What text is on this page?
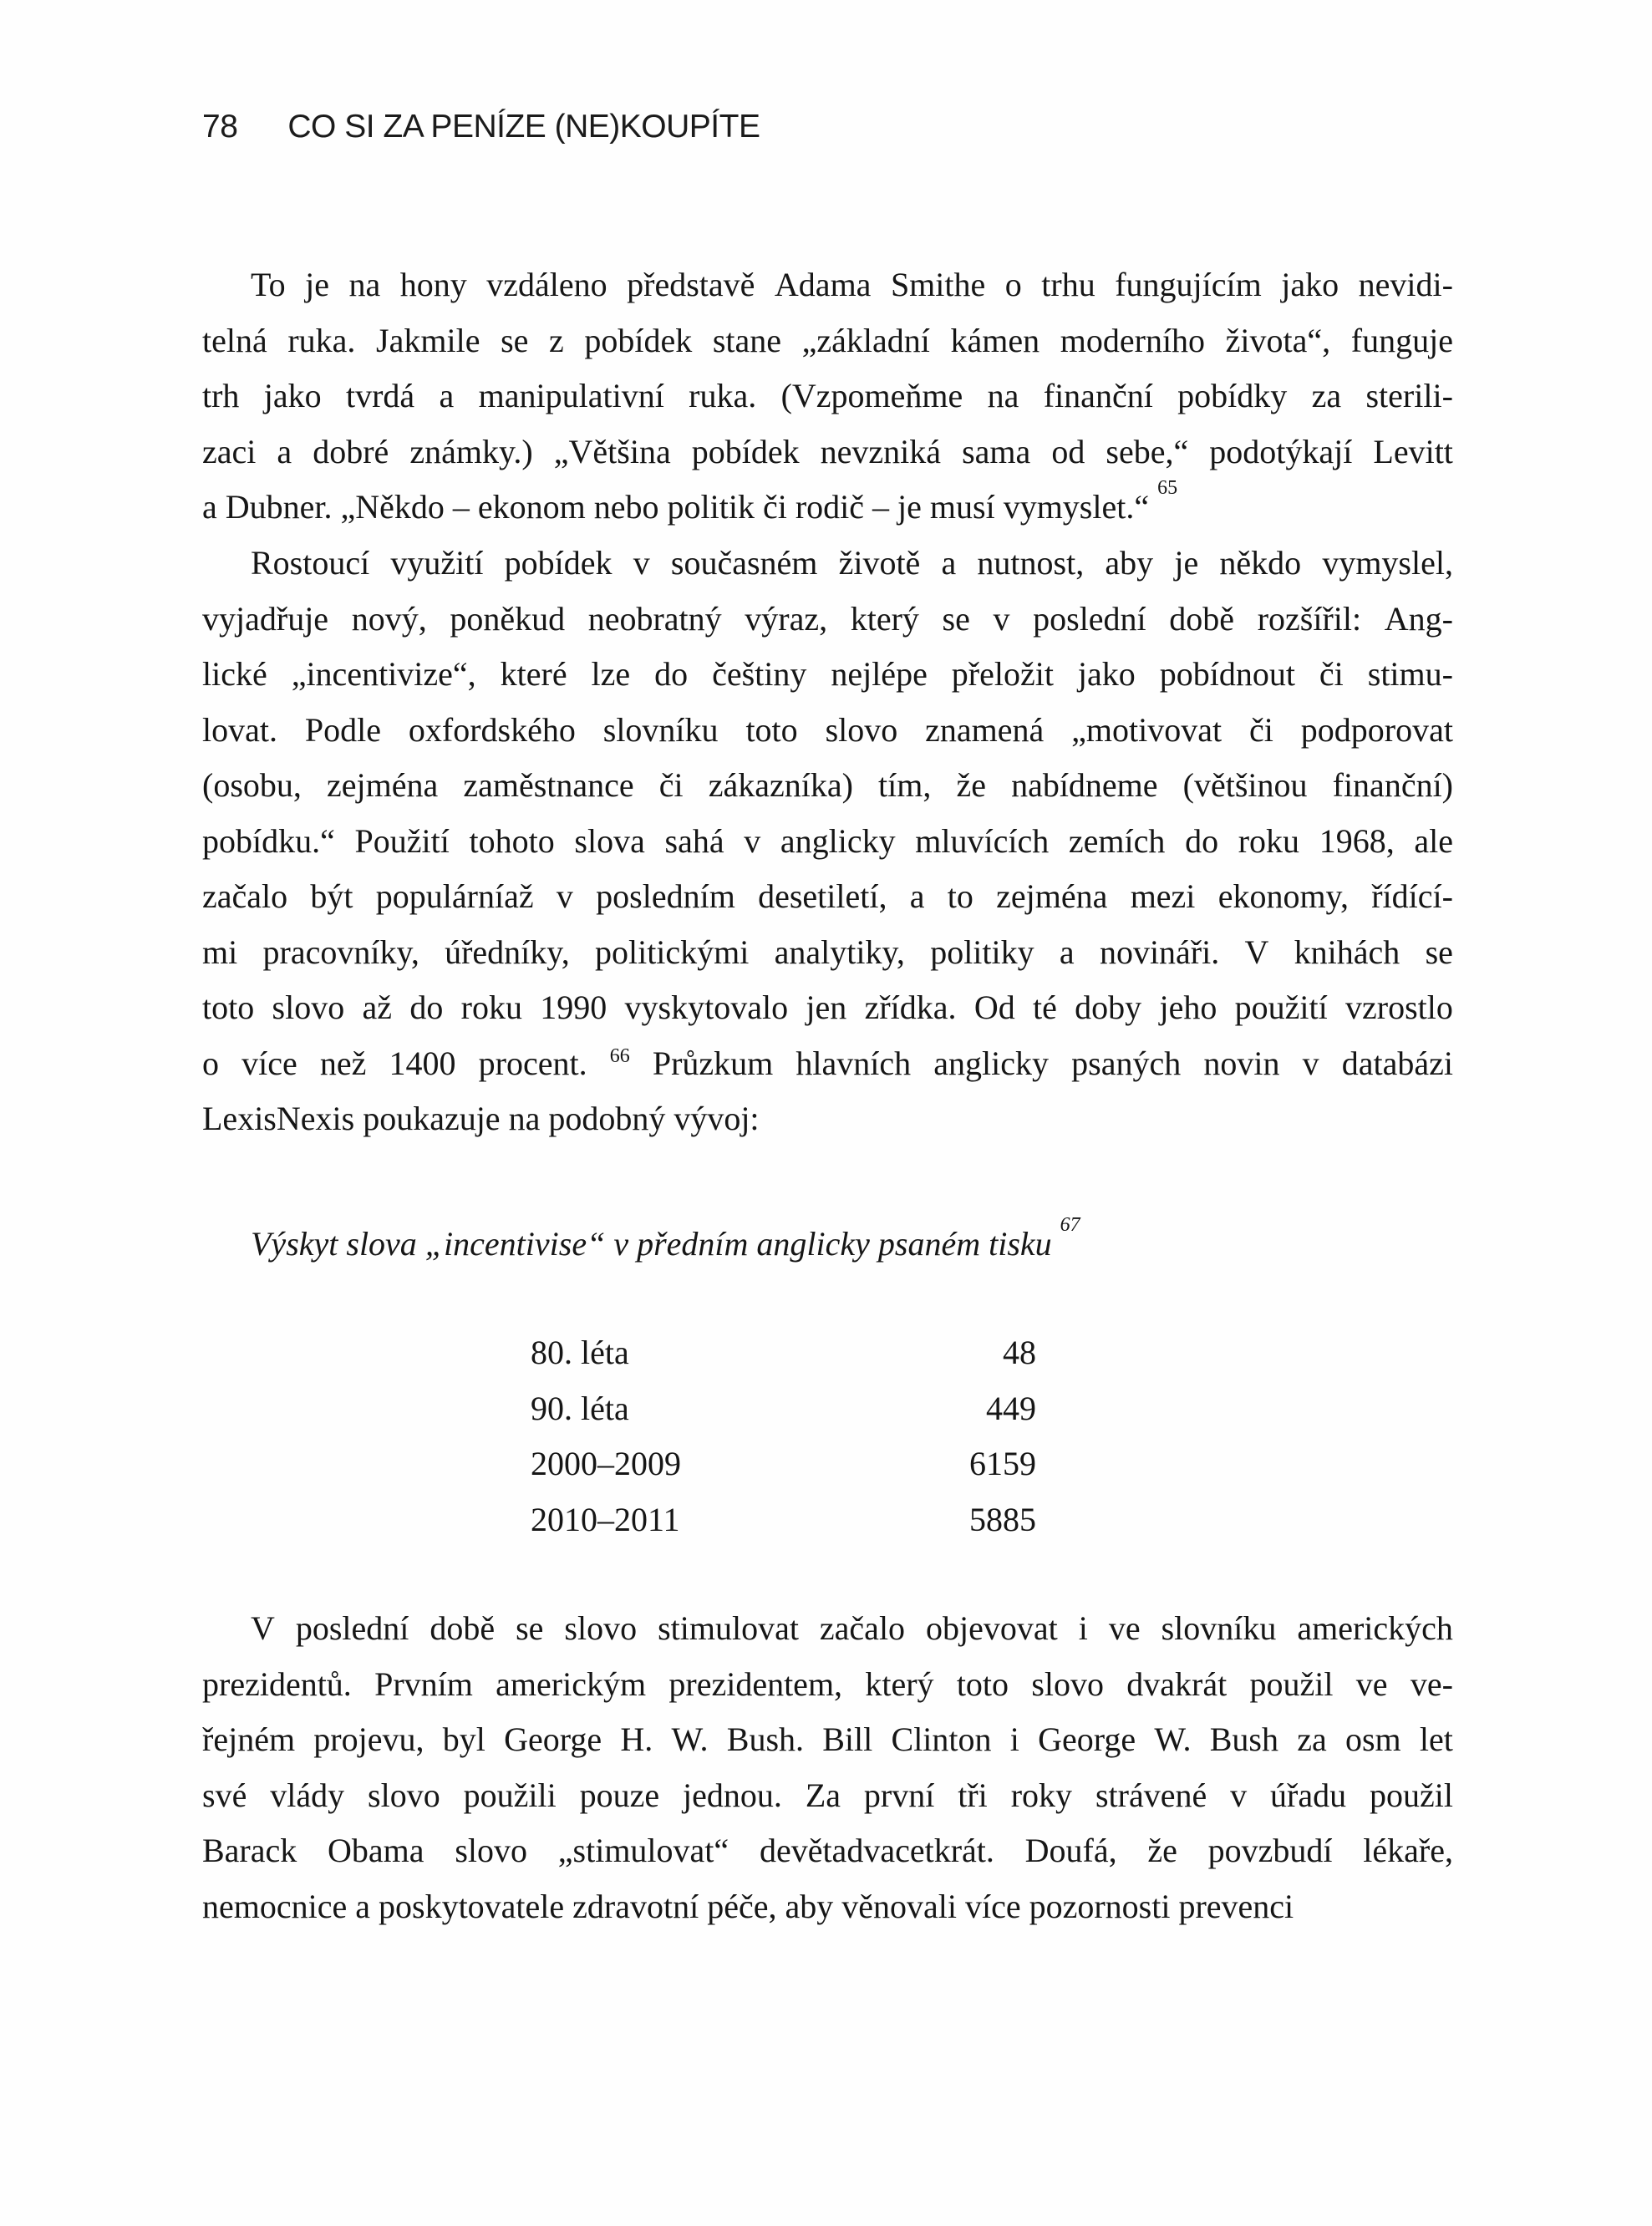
78 CO SI ZA PENÍZE (NE)KOUPÍTE
To je na hony vzdáleno představě Adama Smithe o trhu fungujícím jako nevidi-
telná ruka. Jakmile se z pobídek stane „základní kámen moderního života“, funguje
trh jako tvrdá a manipulativní ruka. (Vzpomeňme na finanční pobídky za sterili-
zaci a dobré známky.) „Většina pobídek nevzniká sama od sebe,“ podotýkají Levitt
a Dubner. „Někdo – ekonom nebo politik či rodič – je musí vymyslet.“$^{65}$
Rostoucí využití pobídek v současném životě a nutnost, aby je někdo vymyslel,
vyjadřuje nový, poněkud neobratný výraz, který se v poslední době rozšířil: Ang-
lické „incentivize“, které lze do češtiny nejlépe přeložit jako pobídnout či stimu-
lovat. Podle oxfordského slovníku toto slovo znamená „motivovat či podporovat
(osobu, zejména zaměstnance či zákazníka) tím, že nabídneme (většinou finanční)
pobídku.“ Použití tohoto slova sahá v anglicky mluvících zemích do roku 1968, ale
začalo být populárníaž v posledním desetiletí, a to zejména mezi ekonomy, řídící-
mi pracovníky, úředníky, politickými analytiky, politiky a novináři. V knihách se
toto slovo až do roku 1990 vyskytovalo jen zřídka. Od té doby jeho použití vzrostlo
o více než 1400 procent. $^{66}$ Průzkum hlavních anglicky psaných novin v databázi
LexisNexis poukazuje na podobný vývoj:
Výskyt slova „incentivise“ v předním anglicky psaném tisku$^{67}$
80. léta	48
90. léta	449
2000–2009	6159
2010–2011	5885
V poslední době se slovo stimulovat začalo objevovat i ve slovníku amerických
prezidentů. Prvním americkým prezidentem, který toto slovo dvakrát použil ve ve-
řejném projevu, byl George H. W. Bush. Bill Clinton i George W. Bush za osm let
své vlády slovo použili pouze jednou. Za první tři roky strávené v úřadu použil
Barack Obama slovo „stimulovat“ devětadvacetkrát. Doufá, že povzbudí lékaře,
nemocnice a poskytovatele zdravotní péče, aby věnovali více pozornosti prevenci
